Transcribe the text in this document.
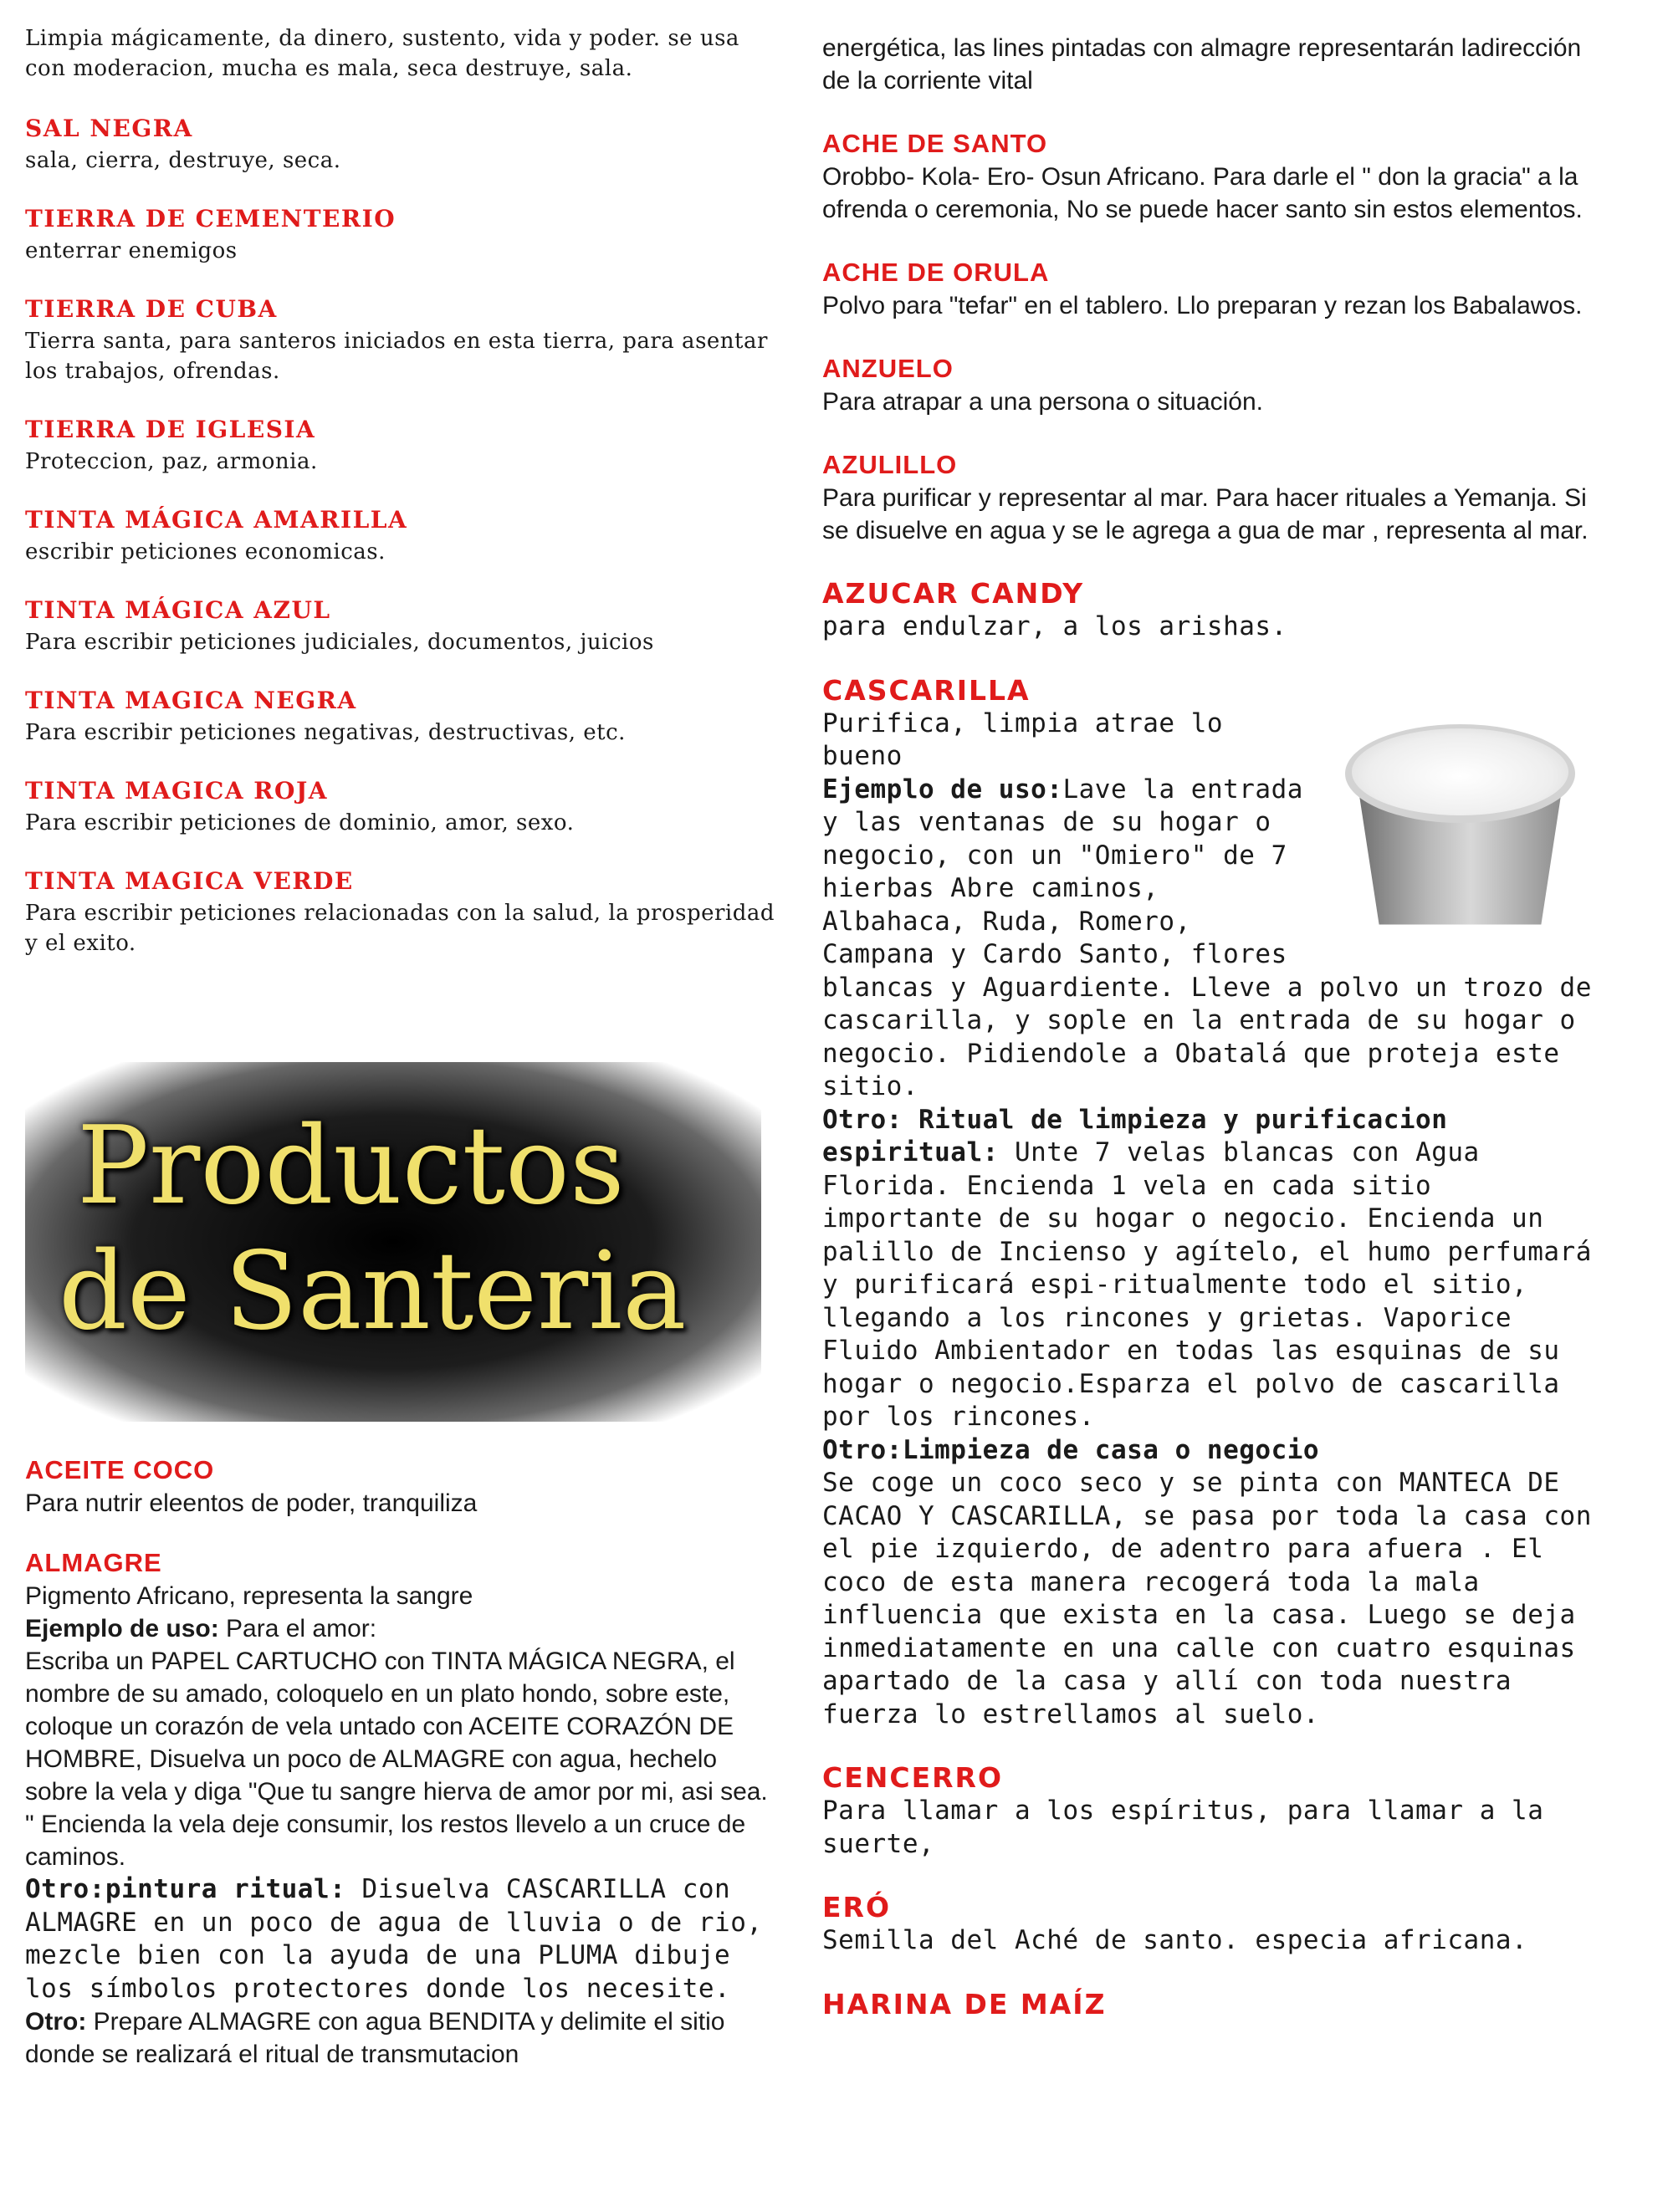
Limpia mágicamente, da dinero, sustento, vida y poder. se usa con moderacion, mucha es mala, seca destruye, sala.
SAL NEGRA
sala, cierra, destruye, seca.
TIERRA DE CEMENTERIO
enterrar enemigos
TIERRA DE CUBA
Tierra santa, para santeros iniciados en esta tierra, para asentar los trabajos, ofrendas.
TIERRA DE IGLESIA
Proteccion, paz, armonia.
TINTA MÁGICA AMARILLA
escribir peticiones economicas.
TINTA MÁGICA AZUL
Para escribir peticiones judiciales, documentos, juicios
TINTA MAGICA NEGRA
Para escribir peticiones negativas, destructivas, etc.
TINTA MAGICA ROJA
Para escribir peticiones de dominio, amor, sexo.
TINTA MAGICA VERDE
Para escribir peticiones relacionadas con la salud, la prosperidad y el exito.
Productos
de Santeria
ACEITE COCO
Para nutrir eleentos de poder, tranquiliza
ALMAGRE
Pigmento Africano, representa la sangre
Ejemplo de uso: Para el amor:
Escriba un PAPEL CARTUCHO con TINTA MÁGICA NEGRA, el nombre de su amado, coloquelo en un plato hondo, sobre este, coloque un corazón de vela untado con ACEITE CORAZÓN DE HOMBRE, Disuelva un poco de ALMAGRE con agua, hechelo sobre la vela y diga "Que tu sangre hierva de amor por mi, asi sea. " Encienda la vela deje consumir, los restos llevelo a un cruce de caminos.
Otro:pintura ritual: Disuelva CASCARILLA con ALMAGRE en un poco de agua de lluvia o de rio, mezcle bien con la ayuda de una PLUMA dibuje los símbolos protectores donde los necesite.
Otro: Prepare ALMAGRE con agua BENDITA y delimite el sitio donde se realizará el ritual de transmutacion
energética, las lines pintadas con almagre representarán ladirección de la corriente vital
ACHE DE SANTO
Orobbo- Kola- Ero- Osun Africano. Para darle el " don la gracia" a la ofrenda o ceremonia, No se puede hacer santo sin estos elementos.
ACHE DE ORULA
Polvo para "tefar" en el tablero. Llo preparan y rezan los Babalawos.
ANZUELO
Para atrapar a una persona o situación.
AZULILLO
Para purificar y representar al mar. Para hacer rituales a Yemanja. Si se disuelve en agua y se le agrega a gua de mar , representa al mar.
AZUCAR CANDY
para endulzar, a los arishas.
CASCARILLA
Purifica, limpia atrae lo bueno
Ejemplo de uso:Lave la entrada y las ventanas de su hogar o negocio, con un "Omiero" de 7 hierbas Abre caminos, Albahaca, Ruda, Romero, Campana y Cardo Santo, flores blancas y Aguardiente. Lleve a polvo un trozo de cascarilla, y sople en la entrada de su hogar o negocio. Pidiendole a Obatalá que proteja este sitio.
Otro: Ritual de limpieza y purificacion espiritual: Unte 7 velas blancas con Agua Florida. Encienda 1 vela en cada sitio importante de su hogar o negocio. Encienda un palillo de Incienso y agítelo, el humo perfumará y purificará espi-ritualmente todo el sitio, llegando a los rincones y grietas. Vaporice Fluido Ambientador en todas las esquinas de su hogar o negocio.Esparza el polvo de cascarilla por los rincones.
Otro:Limpieza de casa o negocio
Se coge un coco seco y se pinta con MANTECA DE CACAO Y CASCARILLA, se pasa por toda la casa con el pie izquierdo, de adentro para afuera . El coco de esta manera recogerá toda la mala influencia que exista en la casa. Luego se deja inmediatamente en una calle con cuatro esquinas apartado de la casa y allí con toda nuestra fuerza lo estrellamos al suelo.
CENCERRO
Para llamar a los espíritus, para llamar a la suerte,
ERÓ
Semilla del Aché de santo. especia africana.
HARINA DE MAÍZ
